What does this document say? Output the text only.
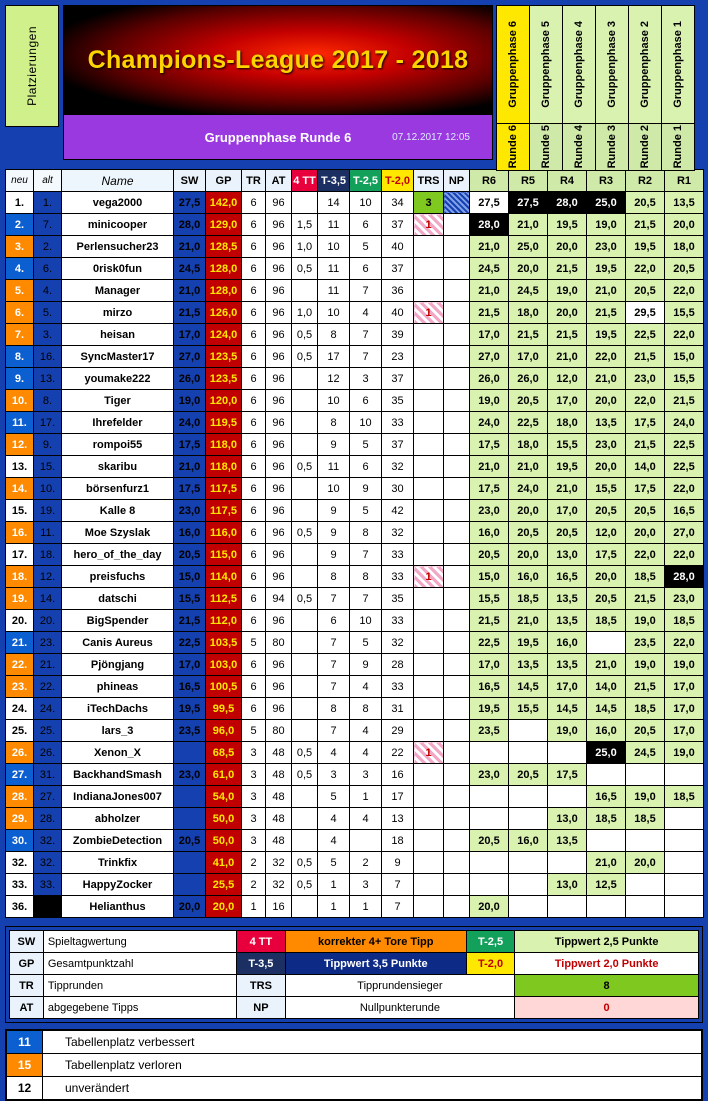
Platzierungen Champions-League 2017 - 2018
Gruppenphase Runde 6	07.12.2017 12:05
Gruppenphase 6
Runde 6
Gruppenphase 5
Runde 5
Gruppenphase 4
Runde 4
Gruppenphase 3
Runde 3
Gruppenphase 2
Runde 2
Gruppenphase 1
Runde 1
neu	alt	Name	SW	GP	TR	AT	4 TT	T-3,5	T-2,5	T-2,0	TRS	NP	R6	R5	R4	R3	R2	R1
1.	1.	vega2000	27,5	142,0	6	96		14	10	34	3		27,5	27,5	28,0	25,0	20,5	13,5
2.	7.	minicooper	28,0	129,0	6	96	1,5	11	6	37	1		28,0	21,0	19,5	19,0	21,5	20,0
3.	2.	Perlensucher23	21,0	128,5	6	96	1,0	10	5	40			21,0	25,0	20,0	23,0	19,5	18,0
4.	6.	0risk0fun	24,5	128,0	6	96	0,5	11	6	37			24,5	20,0	21,5	19,5	22,0	20,5
5.	4.	Manager	21,0	128,0	6	96		11	7	36			21,0	24,5	19,0	21,0	20,5	22,0
6.	5.	mirzo	21,5	126,0	6	96	1,0	10	4	40	1		21,5	18,0	20,0	21,5	29,5	15,5
7.	3.	heisan	17,0	124,0	6	96	0,5	8	7	39			17,0	21,5	21,5	19,5	22,5	22,0
8.	16.	SyncMaster17	27,0	123,5	6	96	0,5	17	7	23			27,0	17,0	21,0	22,0	21,5	15,0
9.	13.	youmake222	26,0	123,5	6	96		12	3	37			26,0	26,0	12,0	21,0	23,0	15,5
10.	8.	Tiger	19,0	120,0	6	96		10	6	35			19,0	20,5	17,0	20,0	22,0	21,5
11.	17.	Ihrefelder	24,0	119,5	6	96		8	10	33			24,0	22,5	18,0	13,5	17,5	24,0
12.	9.	rompoi55	17,5	118,0	6	96		9	5	37			17,5	18,0	15,5	23,0	21,5	22,5
13.	15.	skaribu	21,0	118,0	6	96	0,5	11	6	32			21,0	21,0	19,5	20,0	14,0	22,5
14.	10.	börsenfurz1	17,5	117,5	6	96		10	9	30			17,5	24,0	21,0	15,5	17,5	22,0
15.	19.	Kalle 8	23,0	117,5	6	96		9	5	42			23,0	20,0	17,0	20,5	20,5	16,5
16.	11.	Moe Szyslak	16,0	116,0	6	96	0,5	9	8	32			16,0	20,5	20,5	12,0	20,0	27,0
17.	18.	hero_of_the_day	20,5	115,0	6	96		9	7	33			20,5	20,0	13,0	17,5	22,0	22,0
18.	12.	preisfuchs	15,0	114,0	6	96		8	8	33	1		15,0	16,0	16,5	20,0	18,5	28,0
19.	14.	datschi	15,5	112,5	6	94	0,5	7	7	35			15,5	18,5	13,5	20,5	21,5	23,0
20.	20.	BigSpender	21,5	112,0	6	96		6	10	33			21,5	21,0	13,5	18,5	19,0	18,5
21.	23.	Canis Aureus	22,5	103,5	5	80		7	5	32			22,5	19,5	16,0		23,5	22,0
22.	21.	Pjöngjang	17,0	103,0	6	96		7	9	28			17,0	13,5	13,5	21,0	19,0	19,0
23.	22.	phineas	16,5	100,5	6	96		7	4	33			16,5	14,5	17,0	14,0	21,5	17,0
24.	24.	iTechDachs	19,5	99,5	6	96		8	8	31			19,5	15,5	14,5	14,5	18,5	17,0
25.	25.	lars_3	23,5	96,0	5	80		7	4	29			23,5		19,0	16,0	20,5	17,0
26.	26.	Xenon_X		68,5	3	48	0,5	4	4	22	1					25,0	24,5	19,0
27.	31.	BackhandSmash	23,0	61,0	3	48	0,5	3	3	16			23,0	20,5	17,5			
28.	27.	IndianaJones007		54,0	3	48		5	1	17						16,5	19,0	18,5
29.	28.	abholzer		50,0	3	48		4	4	13					13,0	18,5	18,5	
30.	32.	ZombieDetection	20,5	50,0	3	48		4		18			20,5	16,0	13,5			
32.	32.	Trinkfix		41,0	2	32	0,5	5	2	9						21,0	20,0	
33.	33.	HappyZocker		25,5	2	32	0,5	1	3	7					13,0	12,5		
36.		Helianthus	20,0	20,0	1	16		1	1	7			20,0					
SW	Spieltagwertung	4 TT	korrekter 4+ Tore Tipp	T-2,5	Tippwert 2,5 Punkte
GP	Gesamtpunktzahl	T-3,5	Tippwert 3,5 Punkte	T-2,0	Tippwert 2,0 Punkte
TR	Tipprunden	TRS	Tipprundensieger		8
AT	abgegebene Tipps	NP	Nullpunkterunde		0
11	Tabellenplatz verbessert
15	Tabellenplatz verloren
12	unverändert
